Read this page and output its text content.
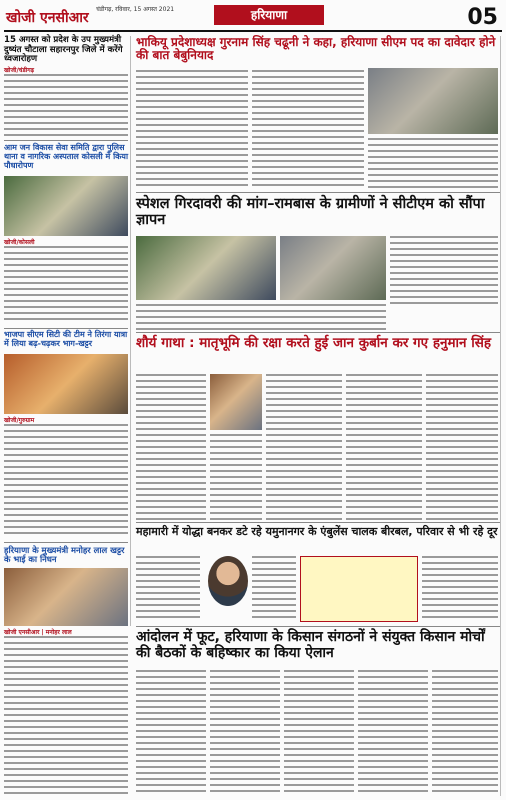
खोजी एनसीआर
चंडीगढ़, रविवार, 15 अगस्त 2021	हरियाणा	05
15 अगस्त को प्रदेश के उप मुख्यमंत्री दुष्यंत चौटाला सहारनपुर जिले में करेंगे ध्वजारोहण
खोजी/चंडीगढ़
आम जन विकास सेवा समिति द्वारा पुलिस थाना व नागरिक अस्पताल कोसली में किया पौधारोपण
खोजी/कोसली
भाजपा सीएम सिटी की टीम ने तिरंगा यात्रा में लिया बढ़-चढ़कर भाग-खट्टर
खोजी/गुरुग्राम
हरियाणा के मुख्यमंत्री मनोहर लाल खट्टर के भाई का निधन
खोजी एनसीआर | मनोहर लाल
भाकियू प्रदेशाध्यक्ष गुरनाम सिंह चढूनी ने कहा, हरियाणा सीएम पद का दावेदार होने की बात बेबुनियाद
स्पेशल गिरदावरी की मांग–रामबास के ग्रामीणों ने सीटीएम को सौंपा ज्ञापन
शौर्य गाथा : मातृभूमि की रक्षा करते हुई जान कुर्बान कर गए हनुमान सिंह
महामारी में योद्धा बनकर डटे रहे यमुनानगर के एंबुलेंस चालक बीरबल, परिवार से भी रहे दूर
आंदोलन में फूट, हरियाणा के किसान संगठनों ने संयुक्त किसान मोर्चों की बैठकों के बहिष्कार का किया ऐलान
